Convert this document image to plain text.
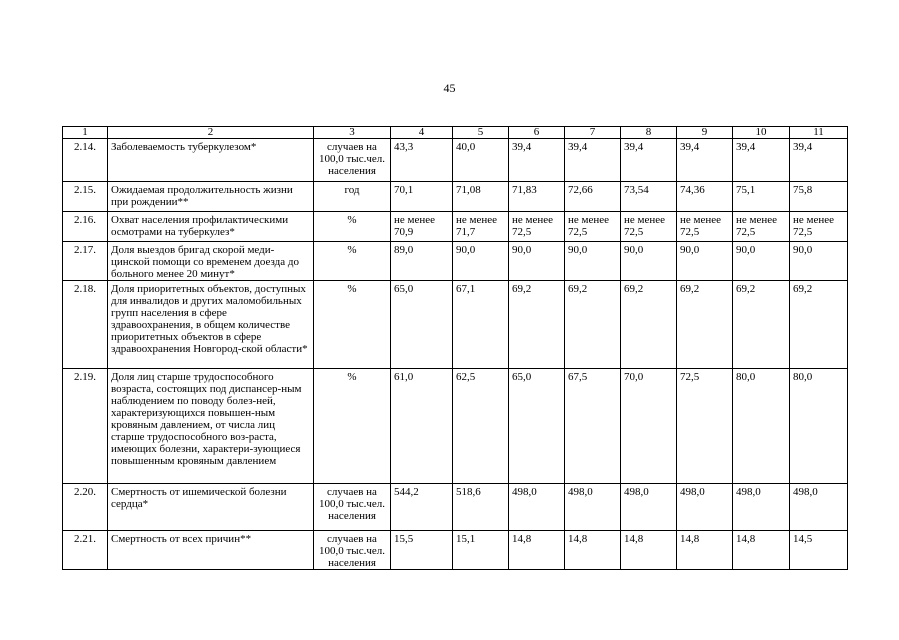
45
1	2	3	4	5	6	7	8	9	10	11
2.14.	Заболеваемость туберкулезом*	случаев на 100,0 тыс.чел. населения	43,3	40,0	39,4	39,4	39,4	39,4	39,4	39,4
2.15.	Ожидаемая продолжительность жизни при рождении**	год	70,1	71,08	71,83	72,66	73,54	74,36	75,1	75,8
2.16.	Охват населения профилактическими осмотрами на туберкулез*	%	не менее 70,9	не менее 71,7	не менее 72,5	не менее 72,5	не менее 72,5	не менее 72,5	не менее 72,5	не менее 72,5
2.17.	Доля выездов бригад скорой меди-цинской помощи со временем доезда до больного менее 20 минут*	%	89,0	90,0	90,0	90,0	90,0	90,0	90,0	90,0
2.18.	Доля приоритетных объектов, доступных для инвалидов и других маломобильных групп населения в сфере здравоохранения, в общем количестве приоритетных объектов в сфере здравоохранения Новгород-ской области*	%	65,0	67,1	69,2	69,2	69,2	69,2	69,2	69,2
2.19.	Доля лиц старше трудоспособного возраста, состоящих под диспансер-ным наблюдением по поводу болез-ней, характеризующихся повышен-ным кровяным давлением, от числа лиц старше трудоспособного воз-раста, имеющих болезни, характери-зующиеся повышенным кровяным давлением	%	61,0	62,5	65,0	67,5	70,0	72,5	80,0	80,0
2.20.	Смертность от ишемической болезни сердца*	случаев на 100,0 тыс.чел. населения	544,2	518,6	498,0	498,0	498,0	498,0	498,0	498,0
2.21.	Смертность от всех причин**	случаев на 100,0 тыс.чел. населения	15,5	15,1	14,8	14,8	14,8	14,8	14,8	14,5
